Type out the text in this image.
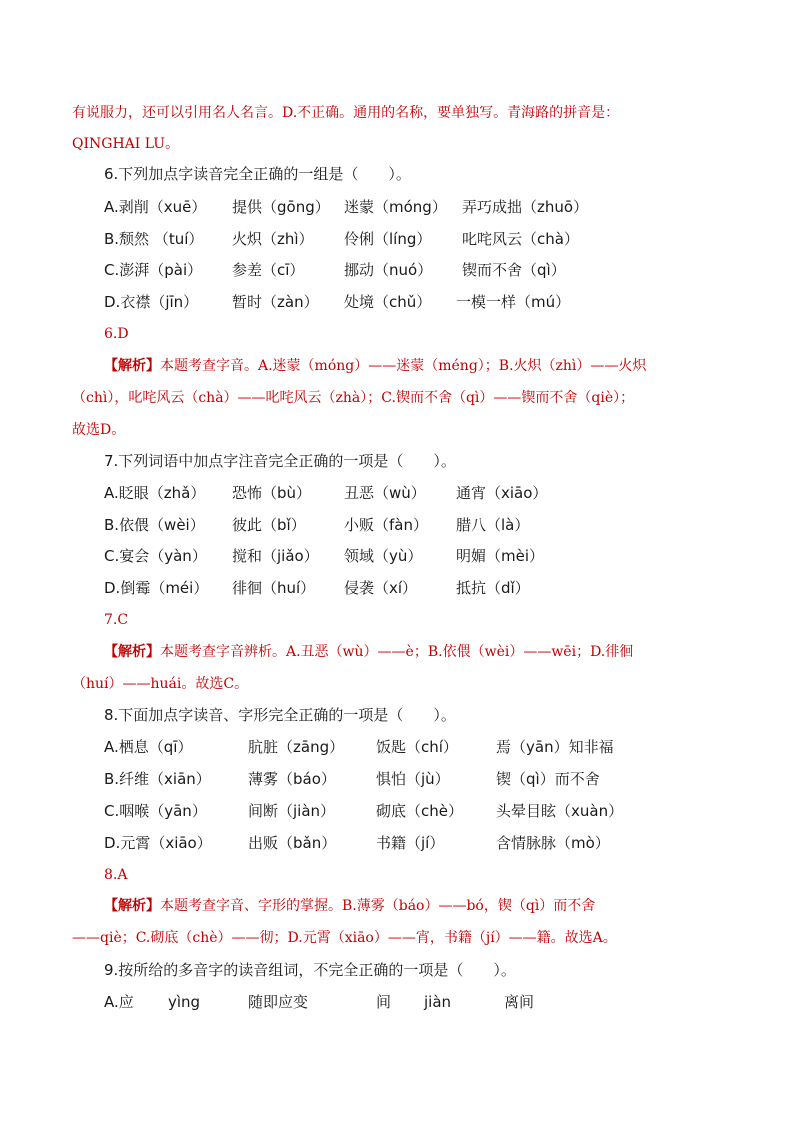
有说服力，还可以引用名人名言。D.不正确。通用的名称，要单独写。青海路的拼音是：
QINGHAI LU。
6.下列加点字读音完全正确的一组是（　　）。
A.剥削（xuē） 提供（gōng） 迷蒙（móng） 弄巧成拙（zhuō）
B.颓然 （tuí） 火炽（zhì） 伶俐（líng） 叱咤风云（chà）
C.澎湃（pài） 参差（cī）	挪动（nuó） 锲而不舍（qì）
D.衣襟（jīn） 暂时（zàn） 处境（chǔ） 一模一样（mú）
6.D
【解析】本题考查字音。A.迷蒙（móng）——迷蒙（méng）；B.火炽（zhì）——火炽
（chì），叱咤风云（chà）——叱咤风云（zhà）；C.锲而不舍（qì）——锲而不舍（qiè）；
故选D。
7.下列词语中加点字注音完全正确的一项是（　　）。
A.眨眼（zhǎ） 恐怖（bù） 丑恶（wù） 通宵（xiāo）
B.依偎（wèi） 彼此（bǐ）	小贩（fàn） 腊八（là）
C.宴会（yàn） 搅和（jiǎo） 领域（yù） 明媚（mèi）
D.倒霉（méi） 徘徊（huí） 侵袭（xí）	抵抗（dǐ）
7.C
【解析】本题考查字音辨析。A.丑恶（wù）——è；B.依偎（wèi）——wēi；D.徘徊
（huí）——huái。故选C。
8.下面加点字读音、字形完全正确的一项是（　　）。
A.栖息（qī）	肮脏（zāng） 饭匙（chí）	焉（yān）知非福
B.纤维（xiān） 薄雾（báo）	惧怕（jù）	锲（qì）而不舍
C.咽喉（yān）	间断（jiàn）	砌底（chè） 头晕目眩（xuàn）
D.元霄（xiāo） 出贩（bǎn）	书籍（jí）	含情脉脉（mò）
8.A
【解析】本题考查字音、字形的掌握。B.薄雾（báo）——bó，锲（qì）而不舍
——qiè；C.砌底（chè）——彻；D.元霄（xiāo）——宵，书籍（jí）——籍。故选A。
9.按所给的多音字的读音组词，不完全正确的一项是（　　）。
A.应 yìng	随即应变	间 jiàn	离间
